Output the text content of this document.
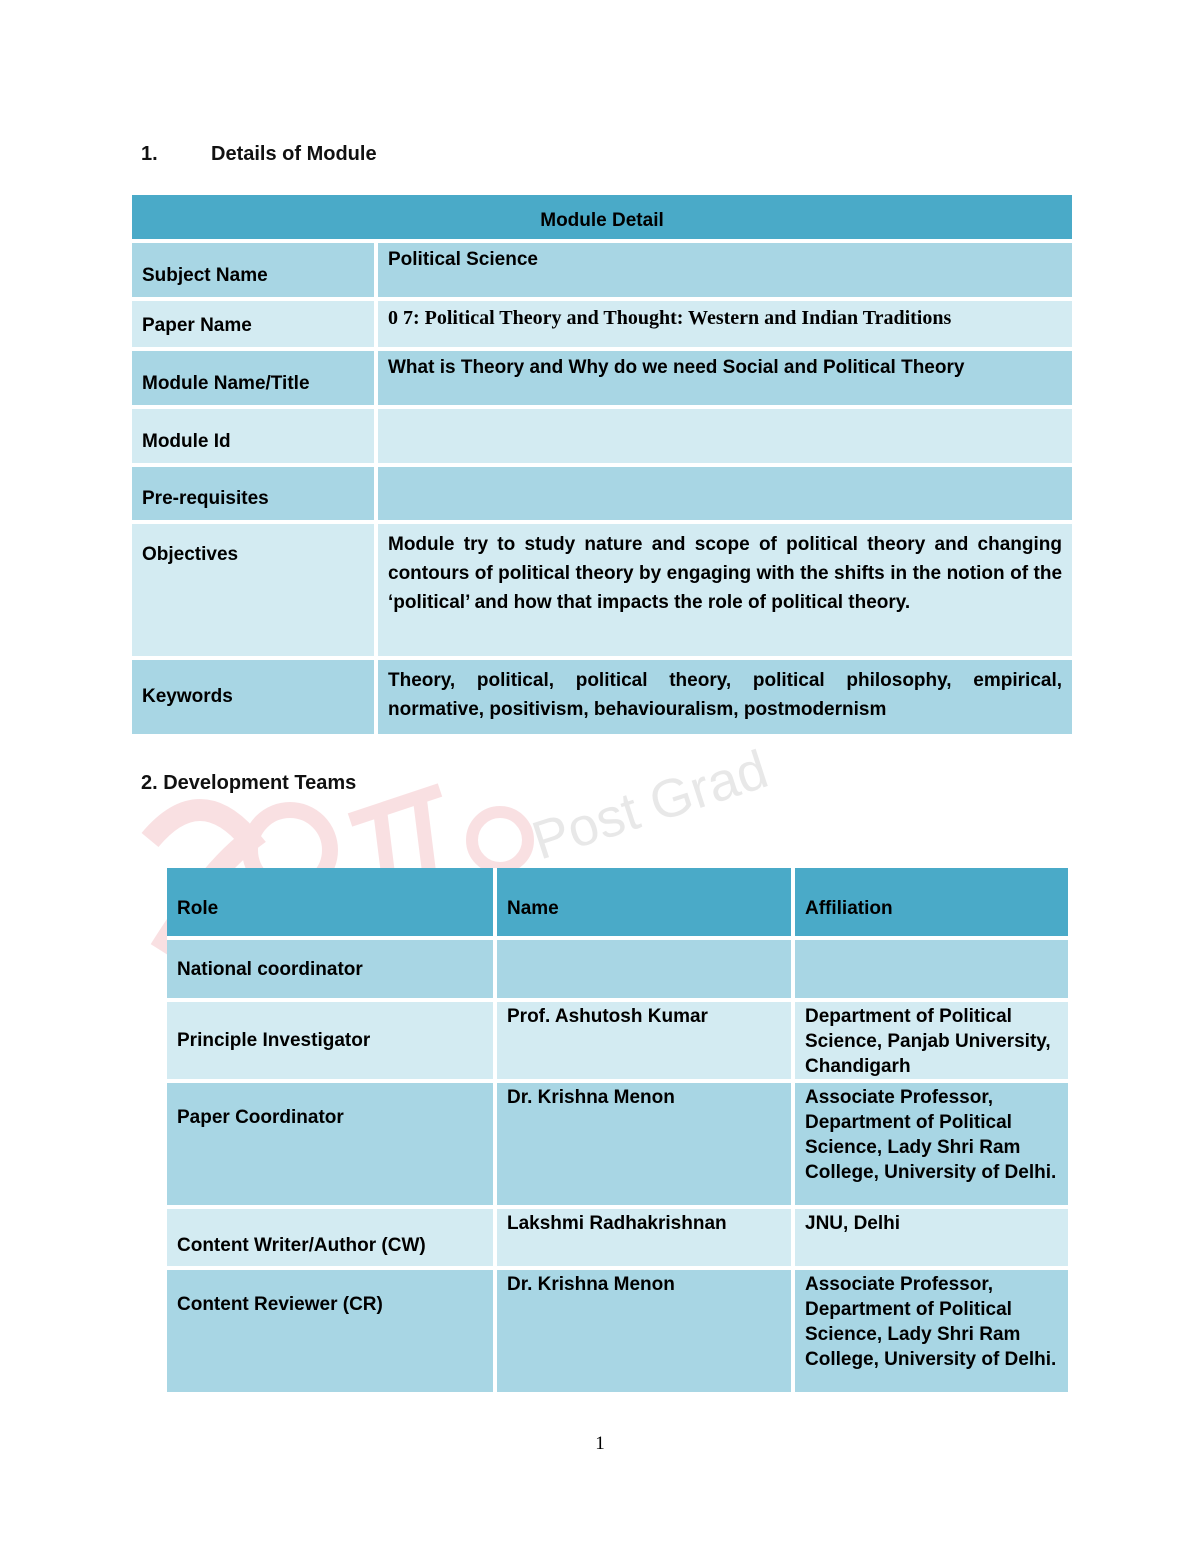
Post Grad
1.	Details of Module
Module Detail	
Subject Name	Political Science
Paper Name	0 7: Political Theory and Thought: Western and Indian Traditions
Module Name/Title	What is Theory and Why do we need Social and Political Theory
Module Id	
Pre-requisites	
Objectives	Module try to study nature and scope of political theory and changing contours of political theory by engaging with the shifts in the notion of the ‘political’ and how that impacts the role of political theory.
Keywords	Theory, political, political theory, political philosophy, empirical, normative, positivism, behaviouralism, postmodernism
2. Development Teams
Role	Name	Affiliation
National coordinator		
Principle Investigator	Prof. Ashutosh Kumar	Department of Political Science, Panjab University, Chandigarh
Paper Coordinator	Dr. Krishna Menon	Associate Professor, Department of Political Science, Lady Shri Ram College, University of Delhi.
Content Writer/Author (CW)	Lakshmi Radhakrishnan	JNU, Delhi
Content Reviewer (CR)	Dr. Krishna Menon	Associate Professor, Department of Political Science, Lady Shri Ram College, University of Delhi.
1
